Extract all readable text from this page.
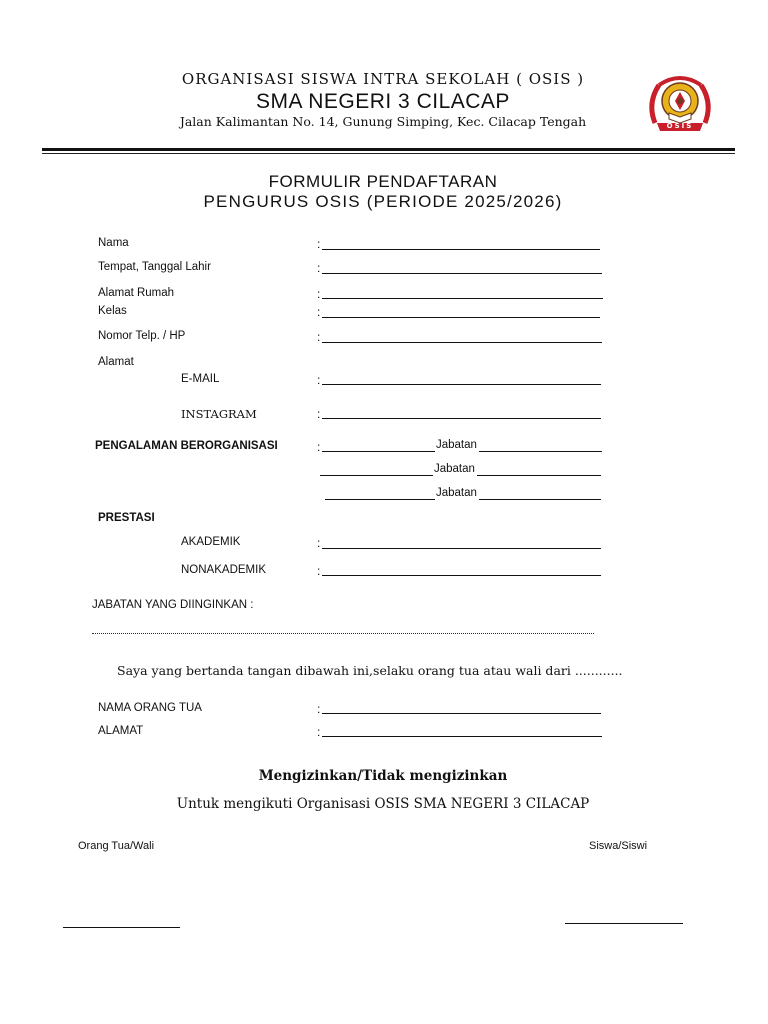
ORGANISASI SISWA INTRA SEKOLAH ( OSIS )
SMA NEGERI 3 CILACAP
Jalan Kalimantan No. 14, Gunung Simping, Kec. Cilacap Tengah	OSIS
FORMULIR PENDAFTARAN
PENGURUS OSIS (PERIODE 2025/2026)
Nama	:
Tempat, Tanggal Lahir	:
Alamat Rumah	:
Kelas	:
Nomor Telp. / HP	:
Alamat
E-MAIL	:
INSTAGRAM	:
PENGALAMAN BERORGANISASI	:	Jabatan
Jabatan
Jabatan
PRESTASI
AKADEMIK	:
NONAKADEMIK	:
JABATAN YANG DIINGINKAN :
Saya yang bertanda tangan dibawah ini,selaku orang tua atau wali dari ............
NAMA ORANG TUA	:
ALAMAT	:
Mengizinkan/Tidak mengizinkan
Untuk mengikuti Organisasi OSIS SMA NEGERI 3 CILACAP
Orang Tua/Wali	Siswa/Siswi
